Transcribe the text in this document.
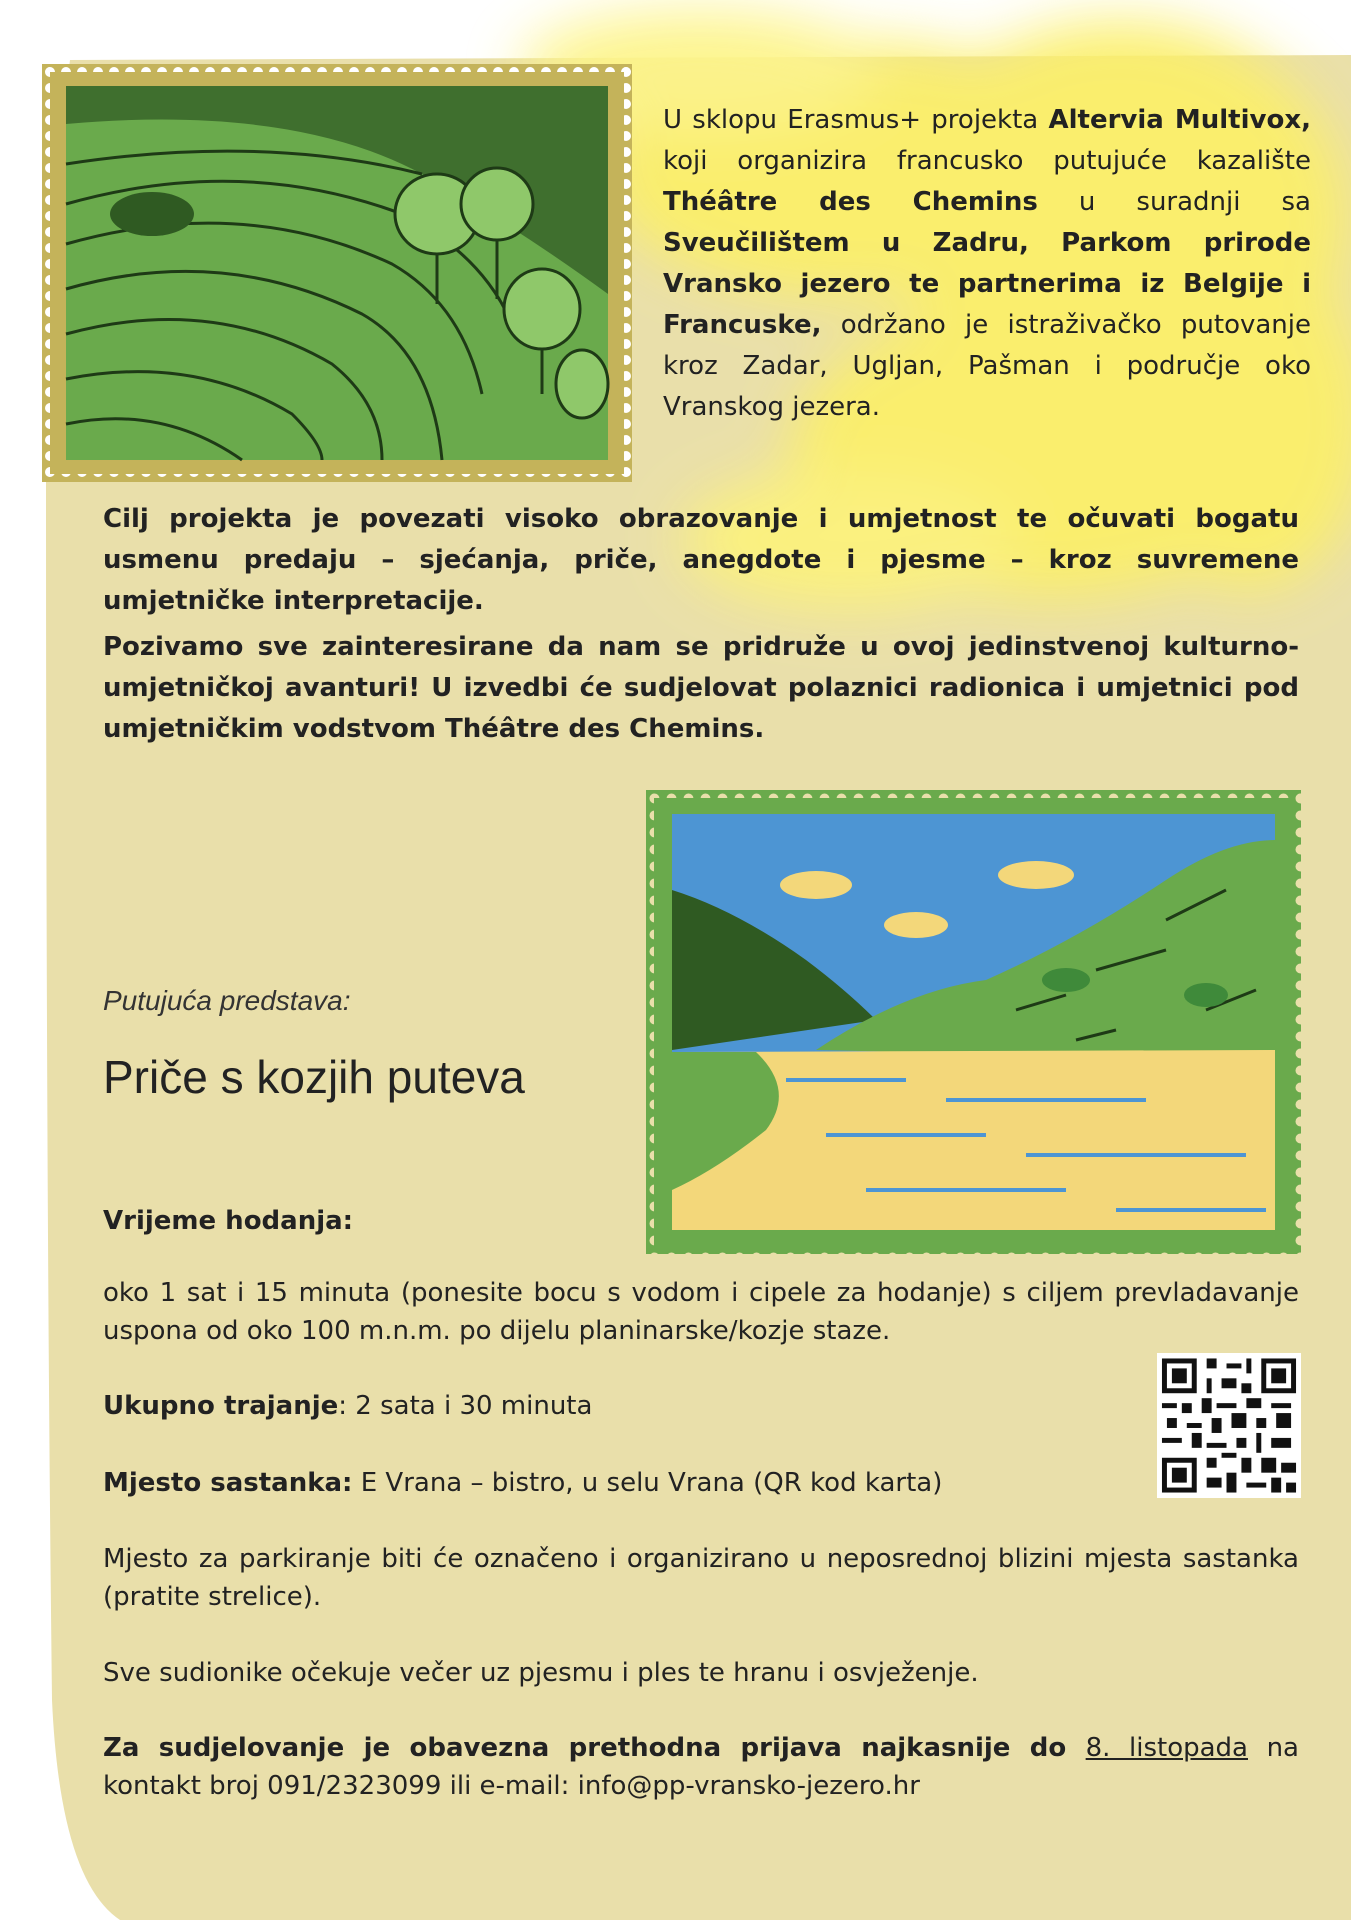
U sklopu Erasmus+ projekta Altervia Multivox, koji organizira francusko putujuće kazalište Théâtre des Chemins u suradnji sa Sveučilištem u Zadru, Parkom prirode Vransko jezero te partnerima iz Belgije i Francuske, održano je istraživačko putovanje kroz Zadar, Ugljan, Pašman i područje oko Vranskog jezera.
Cilj projekta je povezati visoko obrazovanje i umjetnost te očuvati bogatu usmenu predaju – sjećanja, priče, anegdote i pjesme – kroz suvremene umjetničke interpretacije.
Pozivamo sve zainteresirane da nam se pridruže u ovoj jedinstvenoj kulturno-umjetničkoj avanturi! U izvedbi će sudjelovat polaznici radionica i umjetnici pod umjetničkim vodstvom Théâtre des Chemins.
Putujuća predstava:
Priče s kozjih puteva
Vrijeme hodanja:
oko 1 sat i 15 minuta (ponesite bocu s vodom i cipele za hodanje) s ciljem prevladavanje uspona od oko 100 m.n.m. po dijelu planinarske/kozje staze.
Ukupno trajanje: 2 sata i 30 minuta
Mjesto sastanka: E Vrana – bistro, u selu Vrana (QR kod karta)
Mjesto za parkiranje biti će označeno i organizirano u neposrednoj blizini mjesta sastanka (pratite strelice).
Sve sudionike očekuje večer uz pjesmu i ples te hranu i osvježenje.
Za sudjelovanje je obavezna prethodna prijava najkasnije do 8. listopada na kontakt broj 091/2323099 ili e-mail: info@pp-vransko-jezero.hr
